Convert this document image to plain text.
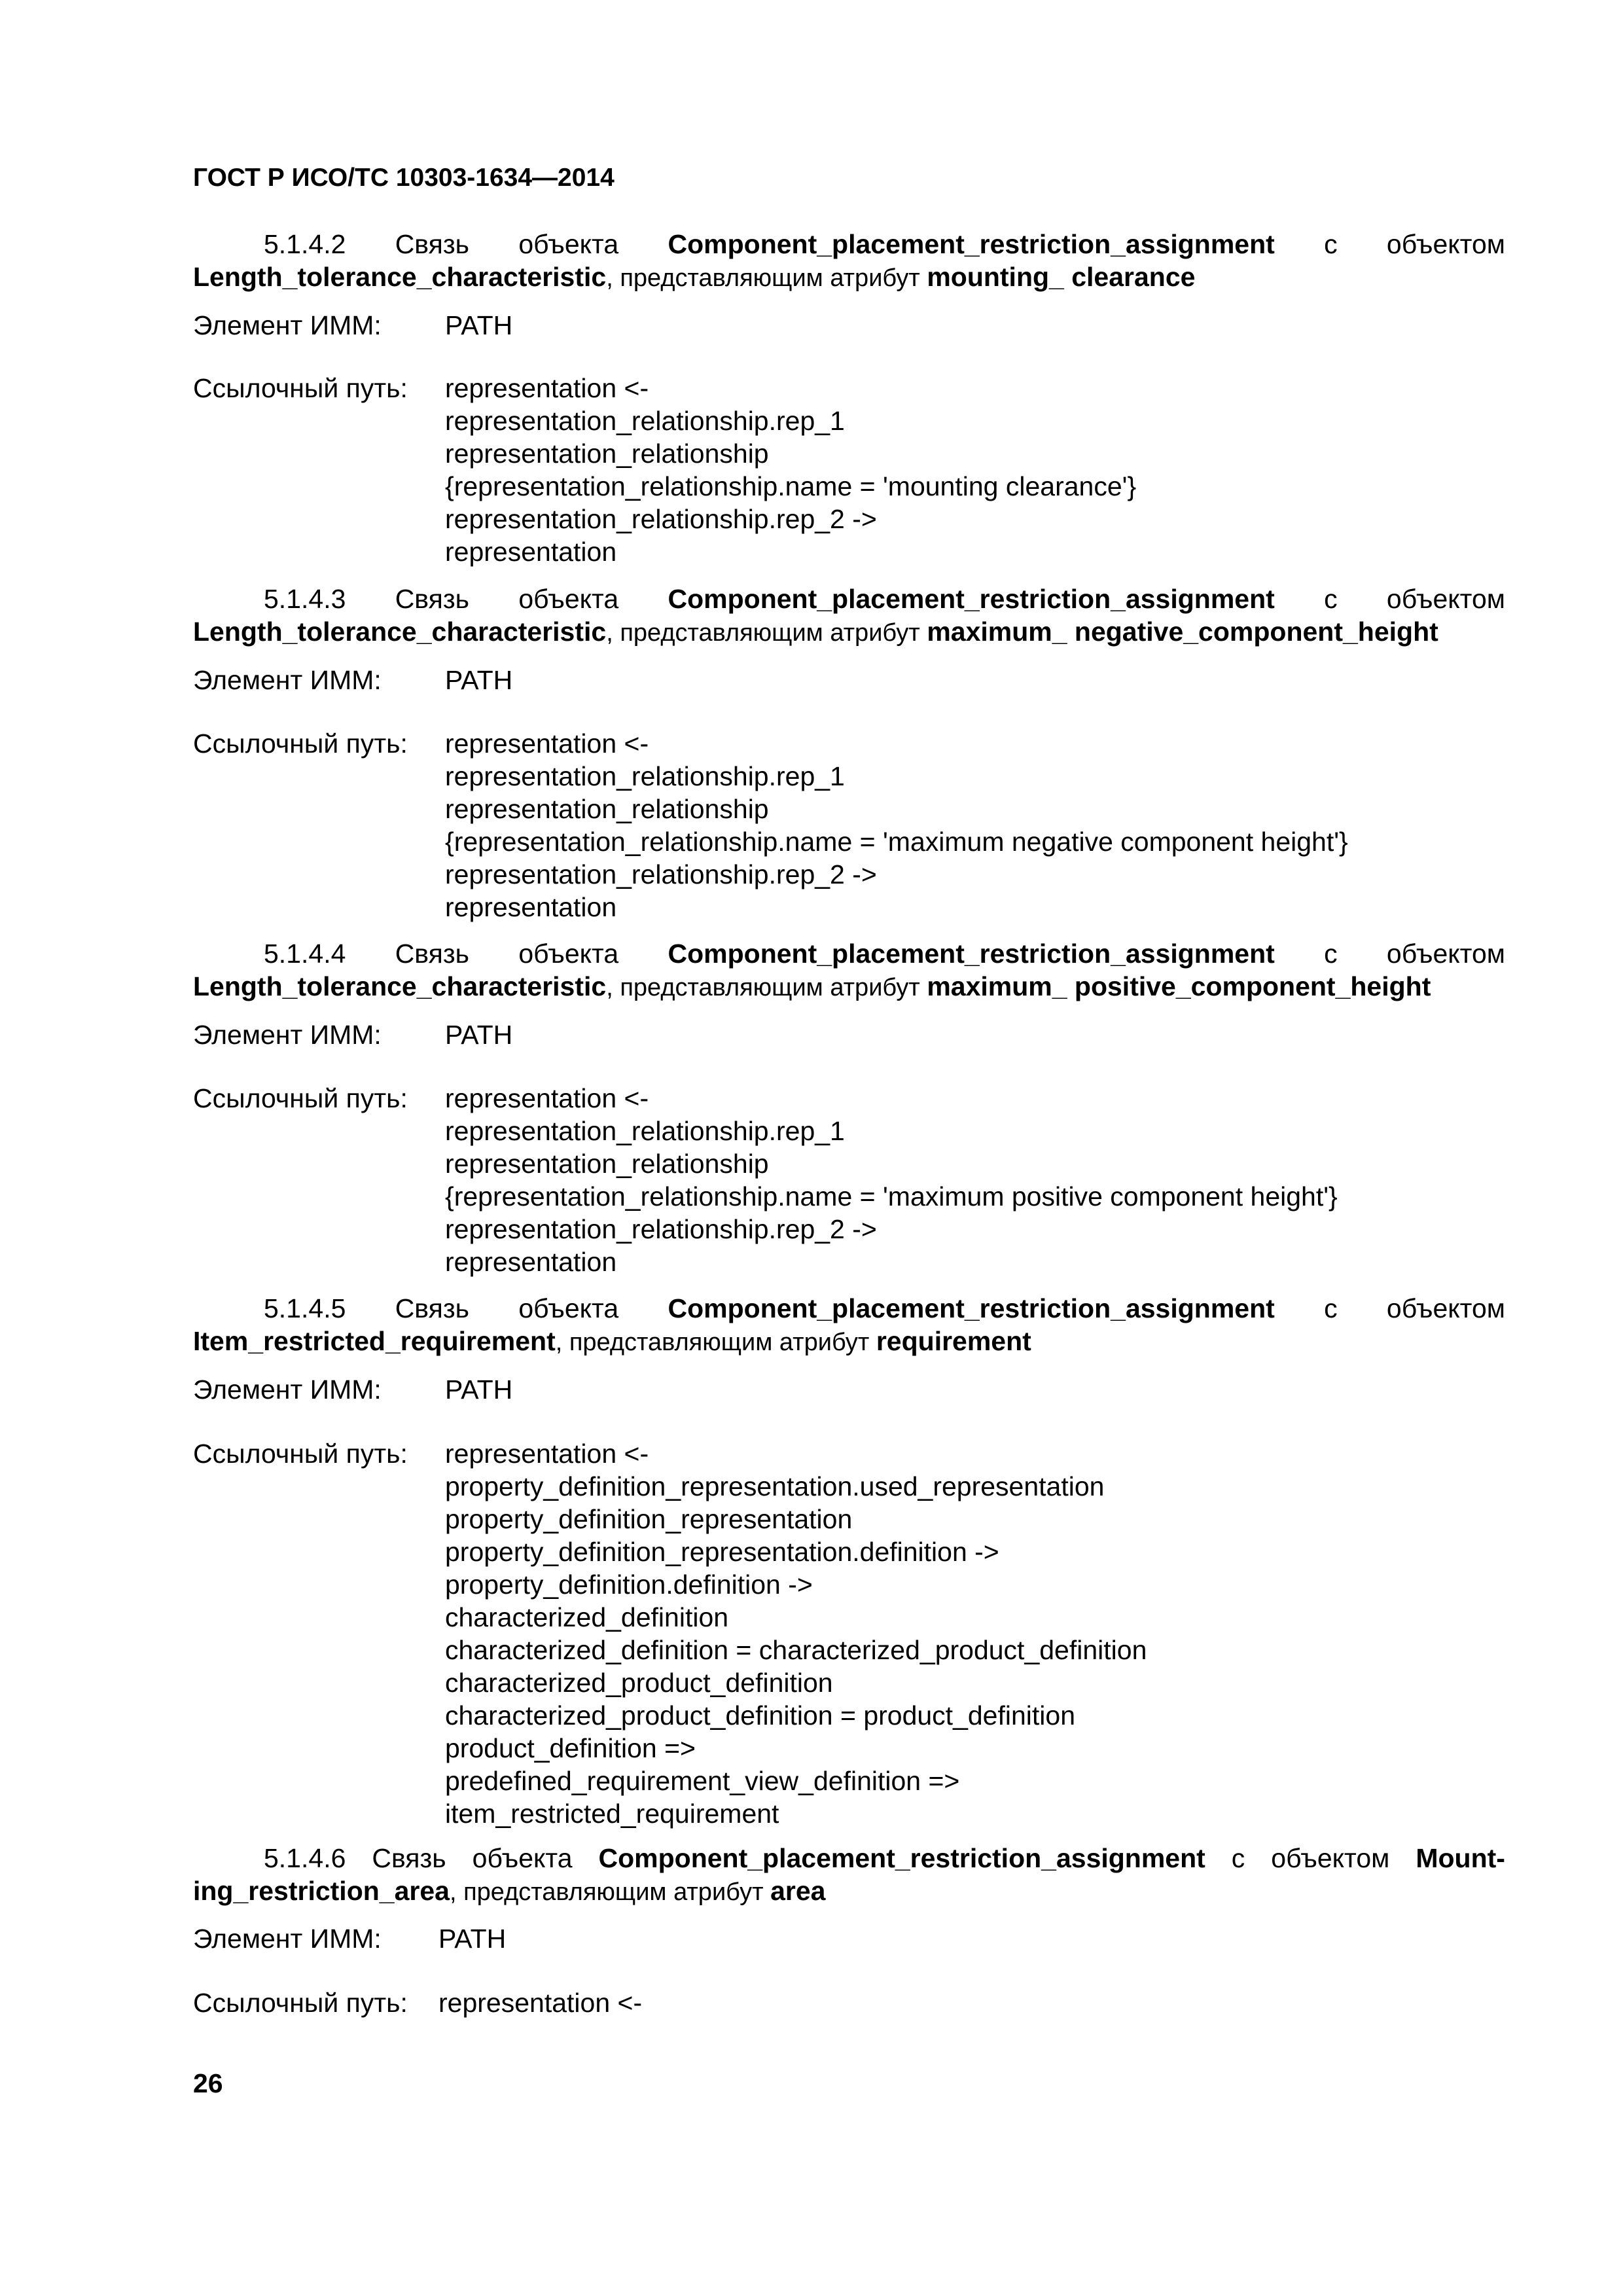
ГОСТ Р ИСО/ТС 10303-1634—2014
5.1.4.2 Связь объекта Component_placement_restriction_assignment с объектом
Length_tolerance_characteristic, представляющим атрибут mounting_ clearance
Элемент ИММ:	PATH
Ссылочный путь:	representation <-
representation_relationship.rep_1
representation_relationship
{representation_relationship.name = 'mounting clearance'}
representation_relationship.rep_2 ->
representation
5.1.4.3 Связь объекта Component_placement_restriction_assignment с объектом
Length_tolerance_characteristic, представляющим атрибут maximum_ negative_component_height
Элемент ИММ:	PATH
Ссылочный путь:	representation <-
representation_relationship.rep_1
representation_relationship
{representation_relationship.name = 'maximum negative component height'}
representation_relationship.rep_2 ->
representation
5.1.4.4 Связь объекта Component_placement_restriction_assignment с объектом
Length_tolerance_characteristic, представляющим атрибут maximum_ positive_component_height
Элемент ИММ:	PATH
Ссылочный путь:	representation <-
representation_relationship.rep_1
representation_relationship
{representation_relationship.name = 'maximum positive component height'}
representation_relationship.rep_2 ->
representation
5.1.4.5 Связь объекта Component_placement_restriction_assignment с объектом
Item_restricted_requirement, представляющим атрибут requirement
Элемент ИММ:	PATH
Ссылочный путь:	representation <-
property_definition_representation.used_representation
property_definition_representation
property_definition_representation.definition ->
property_definition.definition ->
characterized_definition
characterized_definition = characterized_product_definition
characterized_product_definition
characterized_product_definition = product_definition
product_definition =>
predefined_requirement_view_definition =>
item_restricted_requirement
5.1.4.6 Связь объекта Component_placement_restriction_assignment с объектом Mount-
ing_restriction_area, представляющим атрибут area
Элемент ИММ:	PATH
Ссылочный путь:	representation <-
26
